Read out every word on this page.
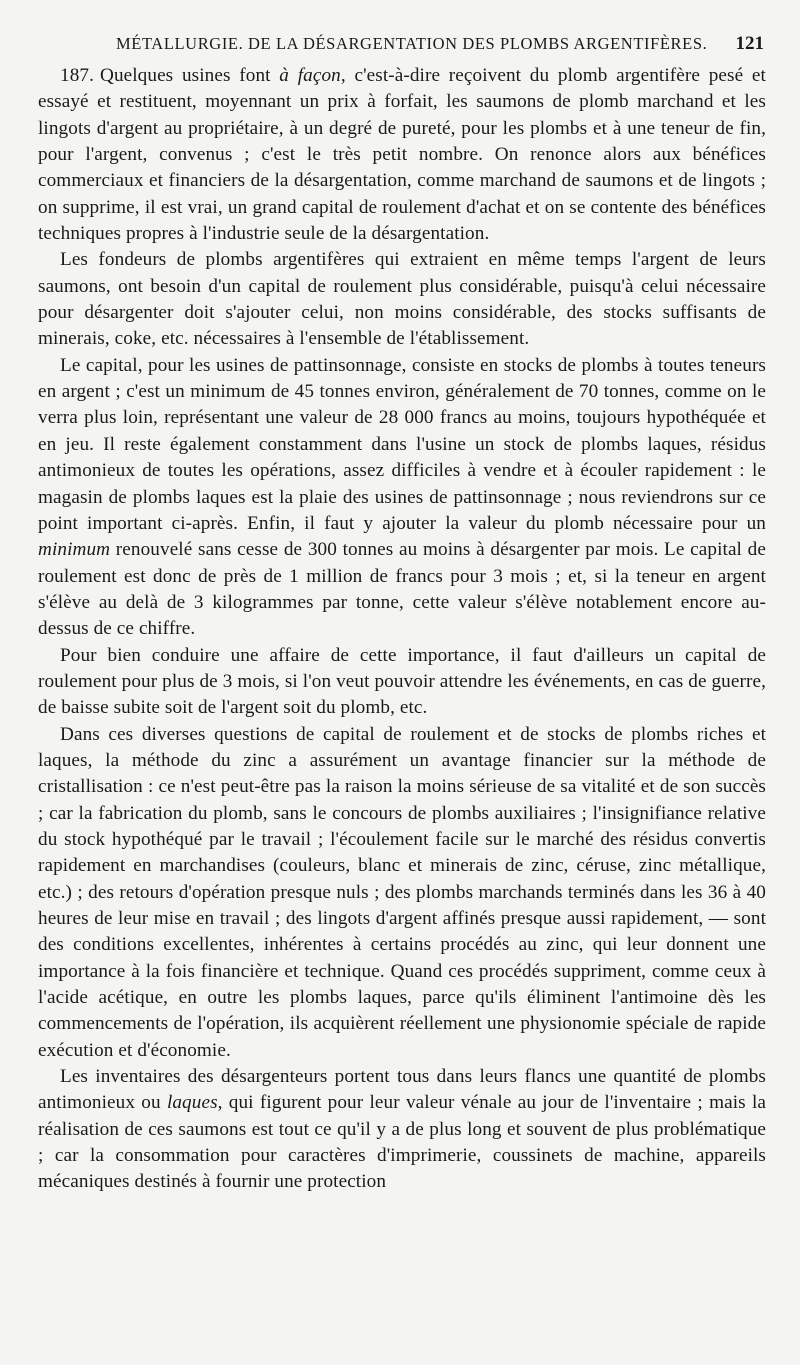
MÉTALLURGIE. DE LA DÉSARGENTATION DES PLOMBS ARGENTIFÈRES. 121

187. Quelques usines font à façon, c'est-à-dire reçoivent du plomb argentifère pesé et essayé et restituent, moyennant un prix à forfait, les saumons de plomb marchand et les lingots d'argent au propriétaire, à un degré de pureté, pour les plombs et à une teneur de fin, pour l'argent, convenus ; c'est le très petit nombre. On renonce alors aux bénéfices commerciaux et financiers de la désargentation, comme marchand de saumons et de lingots ; on supprime, il est vrai, un grand capital de roulement d'achat et on se contente des bénéfices techniques propres à l'industrie seule de la désargentation.

Les fondeurs de plombs argentifères qui extraient en même temps l'argent de leurs saumons, ont besoin d'un capital de roulement plus considérable, puisqu'à celui nécessaire pour désargenter doit s'ajouter celui, non moins considérable, des stocks suffisants de minerais, coke, etc. nécessaires à l'ensemble de l'établissement.

Le capital, pour les usines de pattinsonnage, consiste en stocks de plombs à toutes teneurs en argent ; c'est un minimum de 45 tonnes environ, généralement de 70 tonnes, comme on le verra plus loin, représentant une valeur de 28 000 francs au moins, toujours hypothéquée et en jeu. Il reste également constamment dans l'usine un stock de plombs laques, résidus antimonieux de toutes les opérations, assez difficiles à vendre et à écouler rapidement : le magasin de plombs laques est la plaie des usines de pattinsonnage ; nous reviendrons sur ce point important ci-après. Enfin, il faut y ajouter la valeur du plomb nécessaire pour un minimum renouvelé sans cesse de 300 tonnes au moins à désargenter par mois. Le capital de roulement est donc de près de 1 million de francs pour 3 mois ; et, si la teneur en argent s'élève au delà de 3 kilogrammes par tonne, cette valeur s'élève notablement encore au-dessus de ce chiffre.

Pour bien conduire une affaire de cette importance, il faut d'ailleurs un capital de roulement pour plus de 3 mois, si l'on veut pouvoir attendre les événements, en cas de guerre, de baisse subite soit de l'argent soit du plomb, etc.

Dans ces diverses questions de capital de roulement et de stocks de plombs riches et laques, la méthode du zinc a assurément un avantage financier sur la méthode de cristallisation : ce n'est peut-être pas la raison la moins sérieuse de sa vitalité et de son succès ; car la fabrication du plomb, sans le concours de plombs auxiliaires ; l'insignifiance relative du stock hypothéqué par le travail ; l'écoulement facile sur le marché des résidus convertis rapidement en marchandises (couleurs, blanc et minerais de zinc, céruse, zinc métallique, etc.) ; des retours d'opération presque nuls ; des plombs marchands terminés dans les 36 à 40 heures de leur mise en travail ; des lingots d'argent affinés presque aussi rapidement, — sont des conditions excellentes, inhérentes à certains procédés au zinc, qui leur donnent une importance à la fois financière et technique. Quand ces procédés suppriment, comme ceux à l'acide acétique, en outre les plombs laques, parce qu'ils éliminent l'antimoine dès les commencements de l'opération, ils acquièrent réellement une physionomie spéciale de rapide exécution et d'économie.

Les inventaires des désargenteurs portent tous dans leurs flancs une quantité de plombs antimonieux ou laques, qui figurent pour leur valeur vénale au jour de l'inventaire ; mais la réalisation de ces saumons est tout ce qu'il y a de plus long et souvent de plus problématique ; car la consommation pour caractères d'imprimerie, coussinets de machine, appareils mécaniques destinés à fournir une protection
